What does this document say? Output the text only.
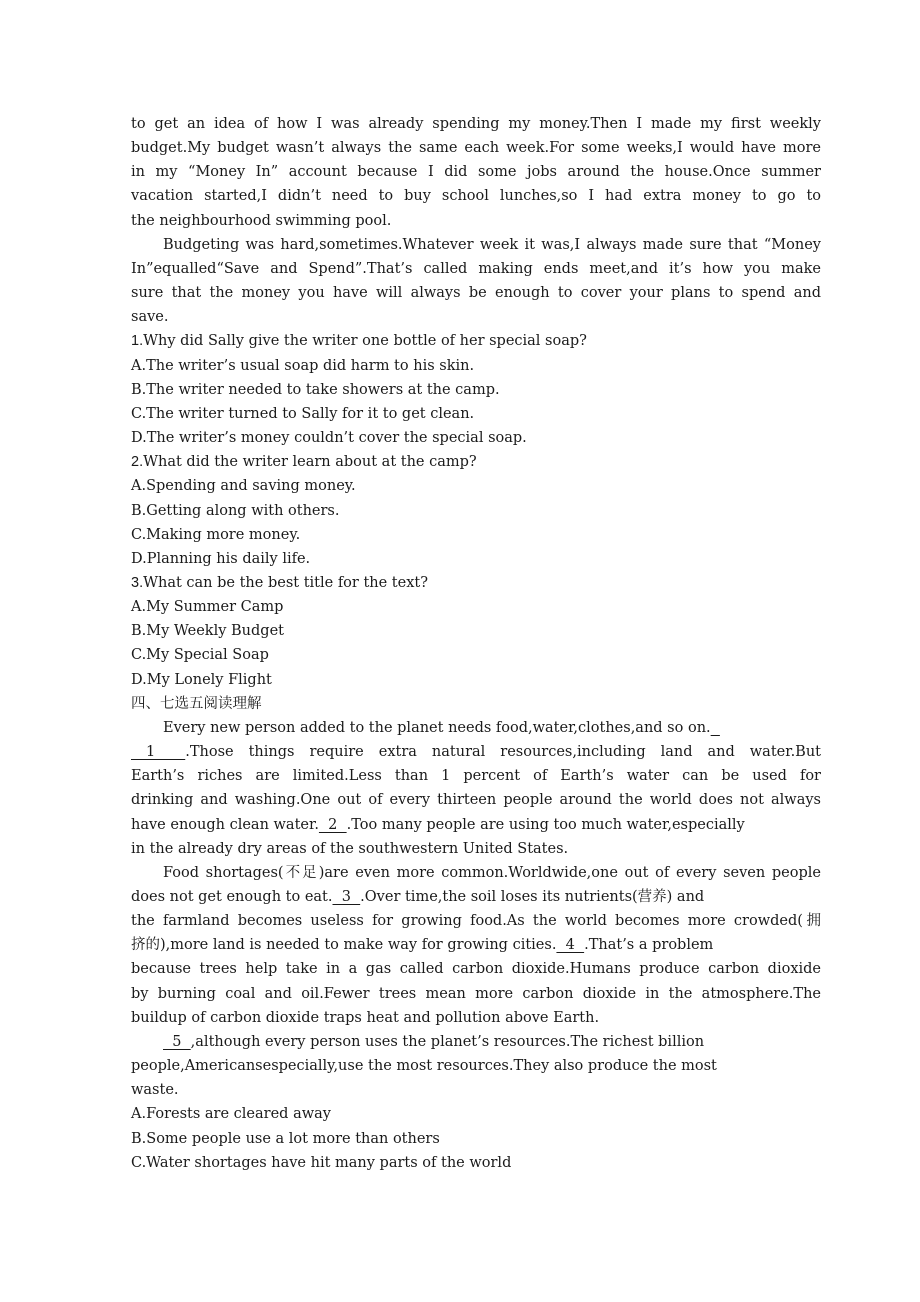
to get an idea of how I was already spending my money.Then I made my first weekly
budget.My budget wasn’t always the same each week.For some weeks,I would have more
in my “Money In” account because I did some jobs around the house.Once summer
vacation started,I didn’t need to buy school lunches,so I had extra money to go to
the neighbourhood swimming pool.
Budgeting was hard,sometimes.Whatever week it was,I always made sure that “Money
In”equalled“Save and Spend”.That’s called making ends meet,and it’s how you make
sure that the money you have will always be enough to cover your plans to spend and
save.
1.Why did Sally give the writer one bottle of her special soap?
A.The writer’s usual soap did harm to his skin.
B.The writer needed to take showers at the camp.
C.The writer turned to Sally for it to get clean.
D.The writer’s money couldn’t cover the special soap.
2.What did the writer learn about at the camp?
A.Spending and saving money.
B.Getting along with others.
C.Making more money.
D.Planning his daily life.
3.What can be the best title for the text?
A.My Summer Camp
B.My Weekly Budget
C.My Special Soap
D.My Lonely Flight
四、七选五阅读理解
Every new person added to the planet needs food,water,clothes,and so on.
1  .Those things require extra natural resources,including land and water.But
Earth’s riches are limited.Less than 1 percent of Earth’s water can be used for
drinking and washing.One out of every thirteen people around the world does not always
have enough clean water.  2  .Too many people are using too much water,especially
in the already dry areas of the southwestern United States.
Food shortages(不足)are even more common.Worldwide,one out of every seven people
does not get enough to eat.  3  .Over time,the soil loses its nutrients(营养) and
the farmland becomes useless for growing food.As the world becomes more crowded(拥
挤的),more land is needed to make way for growing cities.  4  .That’s a problem
because trees help take in a gas called carbon dioxide.Humans produce carbon dioxide
by burning coal and oil.Fewer trees mean more carbon dioxide in the atmosphere.The
buildup of carbon dioxide traps heat and pollution above Earth.
5  ,although every person uses the planet’s resources.The richest billion
people,Americansespecially,use the most resources.They also produce the most
waste.
A.Forests are cleared away
B.Some people use a lot more than others
C.Water shortages have hit many parts of the world
